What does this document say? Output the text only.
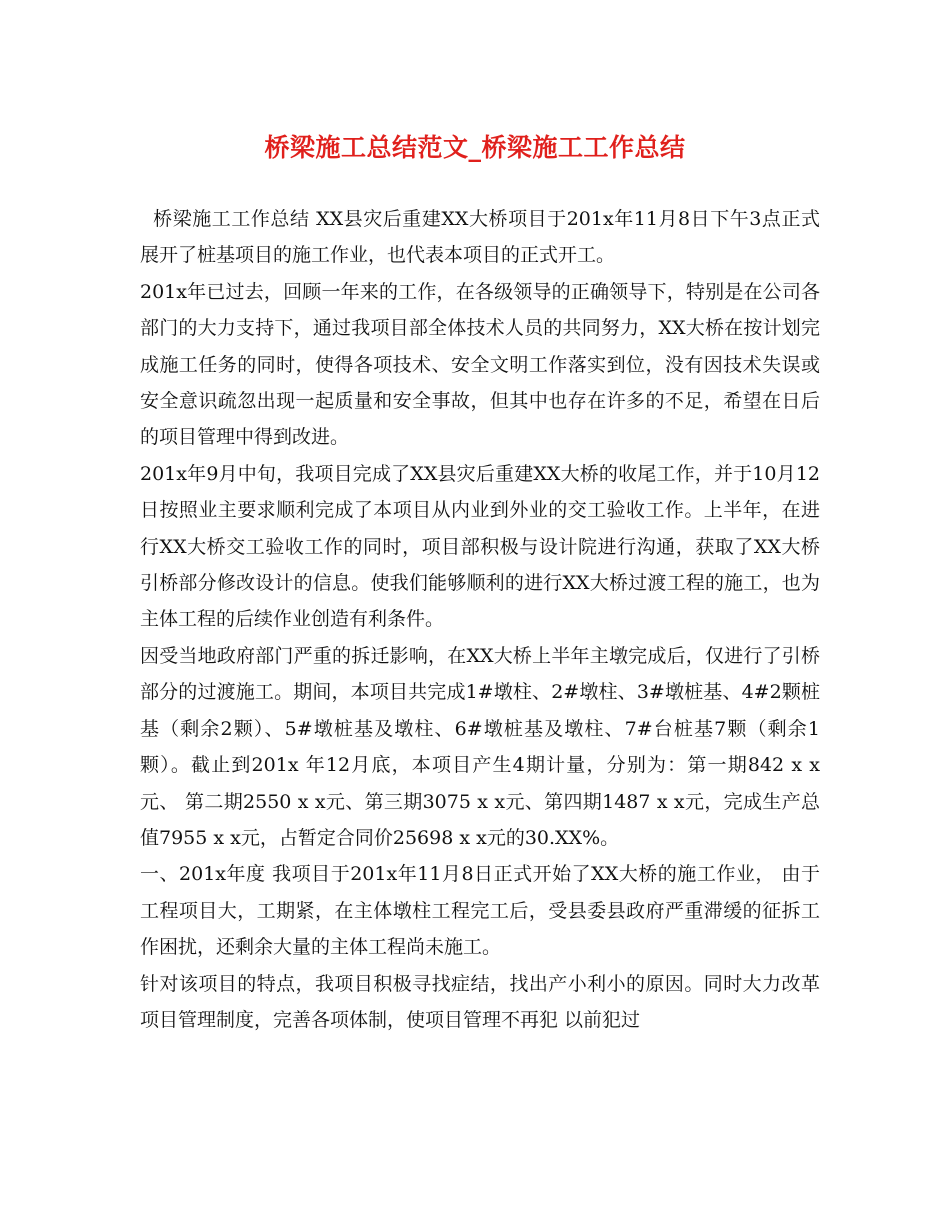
桥梁施工总结范文_桥梁施工工作总结

桥梁施工工作总结 XX县灾后重建XX大桥项目于201x年11月8日下午3点正式展开了桩基项目的施工作业，也代表本项目的正式开工。

201x年已过去，回顾一年来的工作，在各级领导的正确领导下，特别是在公司各部门的大力支持下，通过我项目部全体技术人员的共同努力，XX大桥在按计划完成施工任务的同时，使得各项技术、安全文明工作落实到位，没有因技术失误或安全意识疏忽出现一起质量和安全事故，但其中也存在许多的不足，希望在日后的项目管理中得到改进。

201x年9月中旬，我项目完成了XX县灾后重建XX大桥的收尾工作，并于10月12日按照业主要求顺利完成了本项目从内业到外业的交工验收工作。上半年，在进行XX大桥交工验收工作的同时，项目部积极与设计院进行沟通，获取了XX大桥引桥部分修改设计的信息。使我们能够顺利的进行XX大桥过渡工程的施工，也为主体工程的后续作业创造有利条件。

因受当地政府部门严重的拆迁影响，在XX大桥上半年主墩完成后，仅进行了引桥部分的过渡施工。期间，本项目共完成1#墩柱、2#墩柱、3#墩桩基、4#2颗桩基（剩余2颗）、5#墩桩基及墩柱、6#墩桩基及墩柱、7#台桩基7颗（剩余1颗）。截止到201x 年12月底，本项目产生4期计量，分别为：第一期842 x x元、 第二期2550 x x元、第三期3075 x x元、第四期1487 x x元，完成生产总值7955 x x元，占暂定合同价25698 x x元的30.XX%。

一、201x年度 我项目于201x年11月8日正式开始了XX大桥的施工作业， 由于工程项目大，工期紧，在主体墩柱工程完工后，受县委县政府严重滞缓的征拆工作困扰，还剩余大量的主体工程尚未施工。

针对该项目的特点，我项目积极寻找症结，找出产小利小的原因。同时大力改革项目管理制度，完善各项体制，使项目管理不再犯 以前犯过
